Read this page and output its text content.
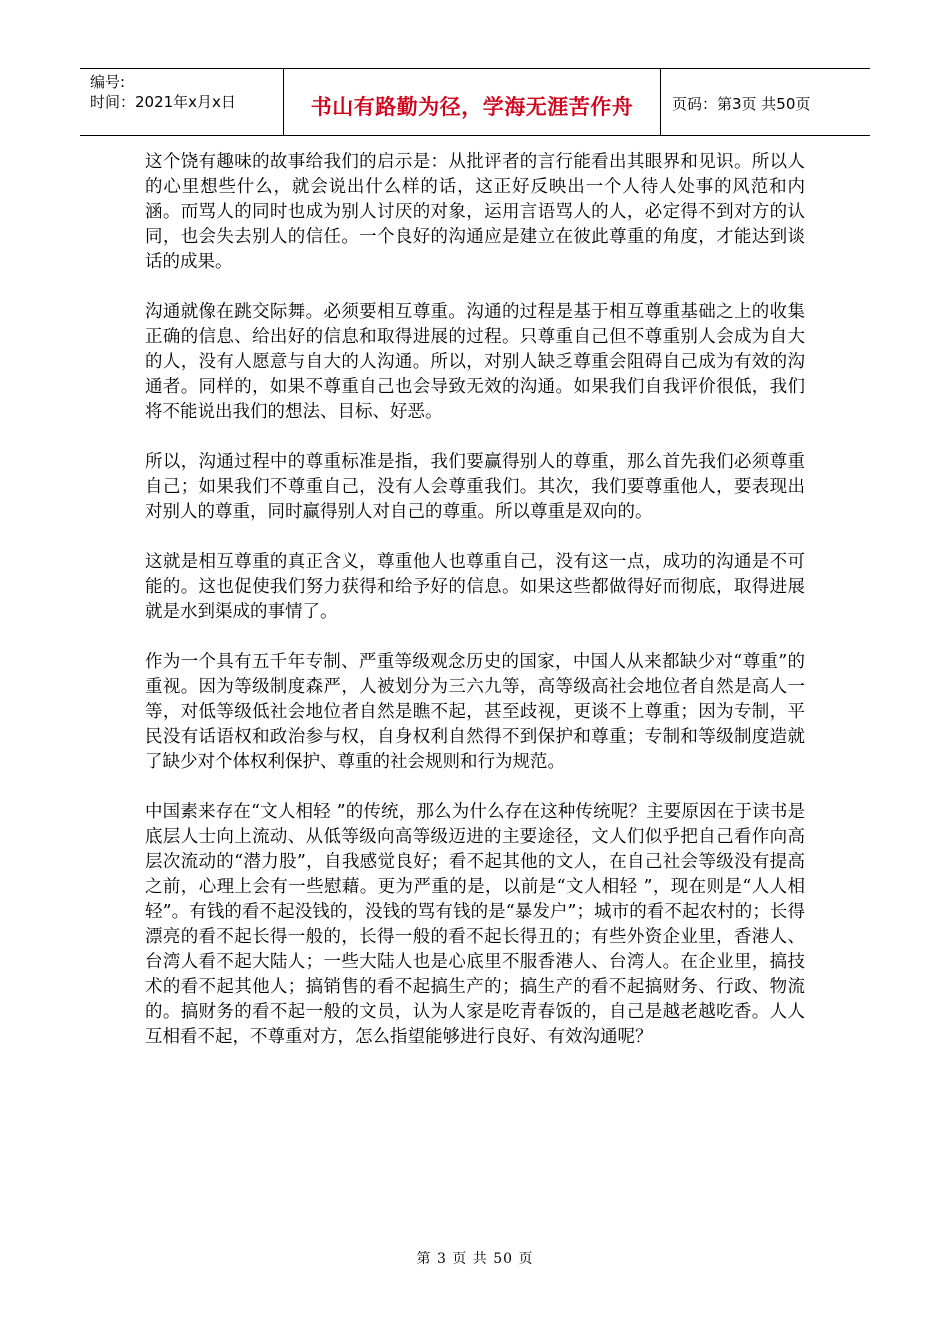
编号:
时间：2021年x月x日	书山有路勤为径，学海无涯苦作舟	页码：第3页 共50页

这个饶有趣味的故事给我们的启示是：从批评者的言行能看出其眼界和见识。所以人的心里想些什么，就会说出什么样的话，这正好反映出一个人待人处事的风范和内涵。而骂人的同时也成为别人讨厌的对象，运用言语骂人的人，必定得不到对方的认同，也会失去别人的信任。一个良好的沟通应是建立在彼此尊重的角度，才能达到谈话的成果。

沟通就像在跳交际舞。必须要相互尊重。沟通的过程是基于相互尊重基础之上的收集正确的信息、给出好的信息和取得进展的过程。只尊重自己但不尊重别人会成为自大的人，没有人愿意与自大的人沟通。所以，对别人缺乏尊重会阻碍自己成为有效的沟通者。同样的，如果不尊重自己也会导致无效的沟通。如果我们自我评价很低，我们将不能说出我们的想法、目标、好恶。

所以，沟通过程中的尊重标准是指，我们要赢得别人的尊重，那么首先我们必须尊重自己；如果我们不尊重自己，没有人会尊重我们。其次，我们要尊重他人，要表现出对别人的尊重，同时赢得别人对自己的尊重。所以尊重是双向的。

这就是相互尊重的真正含义，尊重他人也尊重自己，没有这一点，成功的沟通是不可能的。这也促使我们努力获得和给予好的信息。如果这些都做得好而彻底，取得进展就是水到渠成的事情了。

作为一个具有五千年专制、严重等级观念历史的国家，中国人从来都缺少对“尊重”的重视。因为等级制度森严，人被划分为三六九等，高等级高社会地位者自然是高人一等，对低等级低社会地位者自然是瞧不起，甚至歧视，更谈不上尊重；因为专制，平民没有话语权和政治参与权，自身权利自然得不到保护和尊重；专制和等级制度造就了缺少对个体权利保护、尊重的社会规则和行为规范。

中国素来存在“文人相轻 ”的传统，那么为什么存在这种传统呢？主要原因在于读书是底层人士向上流动、从低等级向高等级迈进的主要途径，文人们似乎把自己看作向高层次流动的“潜力股”，自我感觉良好；看不起其他的文人，在自己社会等级没有提高之前，心理上会有一些慰藉。更为严重的是，以前是“文人相轻 ”，现在则是“人人相轻”。有钱的看不起没钱的，没钱的骂有钱的是“暴发户”；城市的看不起农村的；长得漂亮的看不起长得一般的，长得一般的看不起长得丑的；有些外资企业里，香港人、台湾人看不起大陆人；一些大陆人也是心底里不服香港人、台湾人。在企业里，搞技术的看不起其他人；搞销售的看不起搞生产的；搞生产的看不起搞财务、行政、物流的。搞财务的看不起一般的文员，认为人家是吃青春饭的，自己是越老越吃香。人人互相看不起，不尊重对方，怎么指望能够进行良好、有效沟通呢？

第 3 页 共 50 页
